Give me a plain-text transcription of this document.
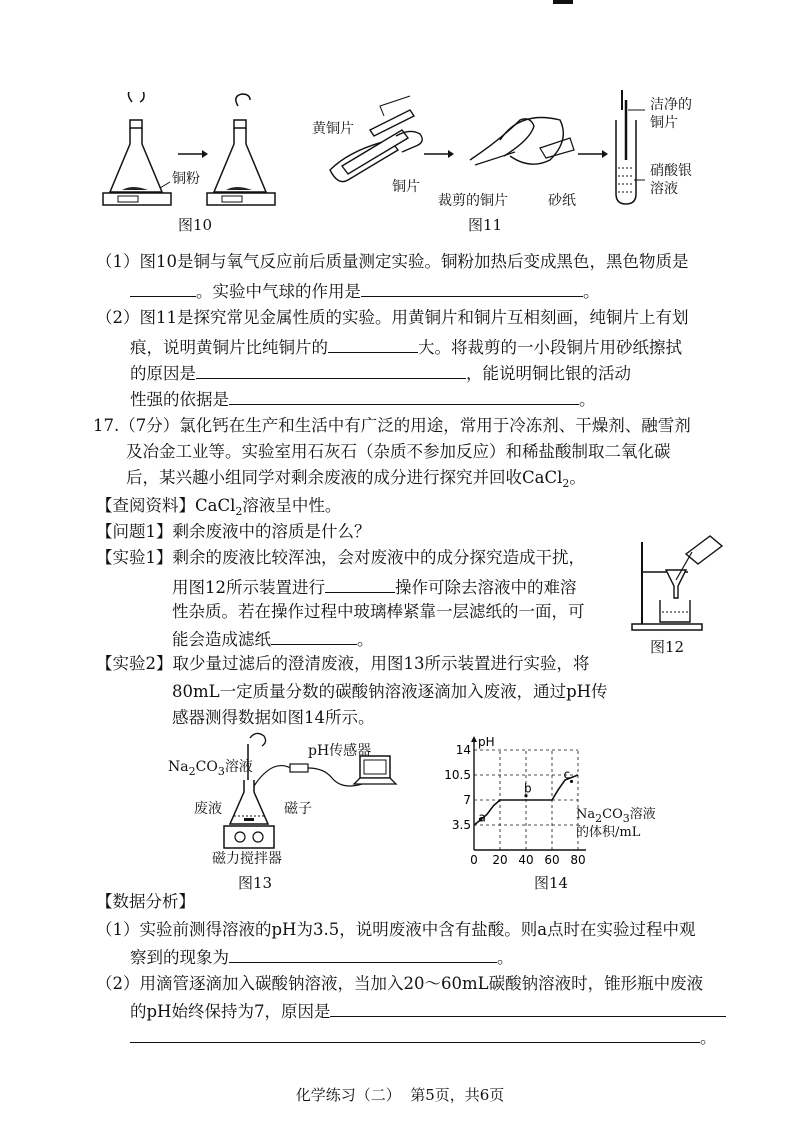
铜粉
图10
黄铜片
铜片
裁剪的铜片	砂纸
洁净的
铜片
硝酸银
溶液
图11
（1）图10是铜与氧气反应前后质量测定实验。铜粉加热后变成黑色，黑色物质是
。实验中气球的作用是	。
（2）图11是探究常见金属性质的实验。用黄铜片和铜片互相刻画，纯铜片上有划
痕，说明黄铜片比纯铜片的	大。将裁剪的一小段铜片用砂纸擦拭
的原因是	，能说明铜比银的活动
性强的依据是	。
17.（7分）氯化钙在生产和生活中有广泛的用途，常用于冷冻剂、干燥剂、融雪剂
及冶金工业等。实验室用石灰石（杂质不参加反应）和稀盐酸制取二氧化碳
后，某兴趣小组同学对剩余废液的成分进行探究并回收CaCl$_2$。
【查阅资料】CaCl$_2$溶液呈中性。
【问题1】剩余废液中的溶质是什么？
【实验1】剩余的废液比较浑浊，会对废液中的成分探究造成干扰，
用图12所示装置进行	操作可除去溶液中的难溶
性杂质。若在操作过程中玻璃棒紧靠一层滤纸的一面，可
能会造成滤纸	。	图12
【实验2】取少量过滤后的澄清废液，用图13所示装置进行实验，将
80mL一定质量分数的碳酸钠溶液逐滴加入废液，通过pH传
感器测得数据如图14所示。
$Na_2CO_3$溶液
pH传感器
废液	磁子
磁力搅拌器
图13
pH
0 20 40 60 80
3.5
7
10.5
14
a
b
c
$Na_2CO_3$溶液
的体积/mL
图14
【数据分析】
（1）实验前测得溶液的pH为3.5，说明废液中含有盐酸。则a点时在实验过程中观
察到的现象为	。
（2）用滴管逐滴加入碳酸钠溶液，当加入20～60mL碳酸钠溶液时，锥形瓶中废液
的pH始终保持为7，原因是
。
化学练习（二）  第5页，共6页
